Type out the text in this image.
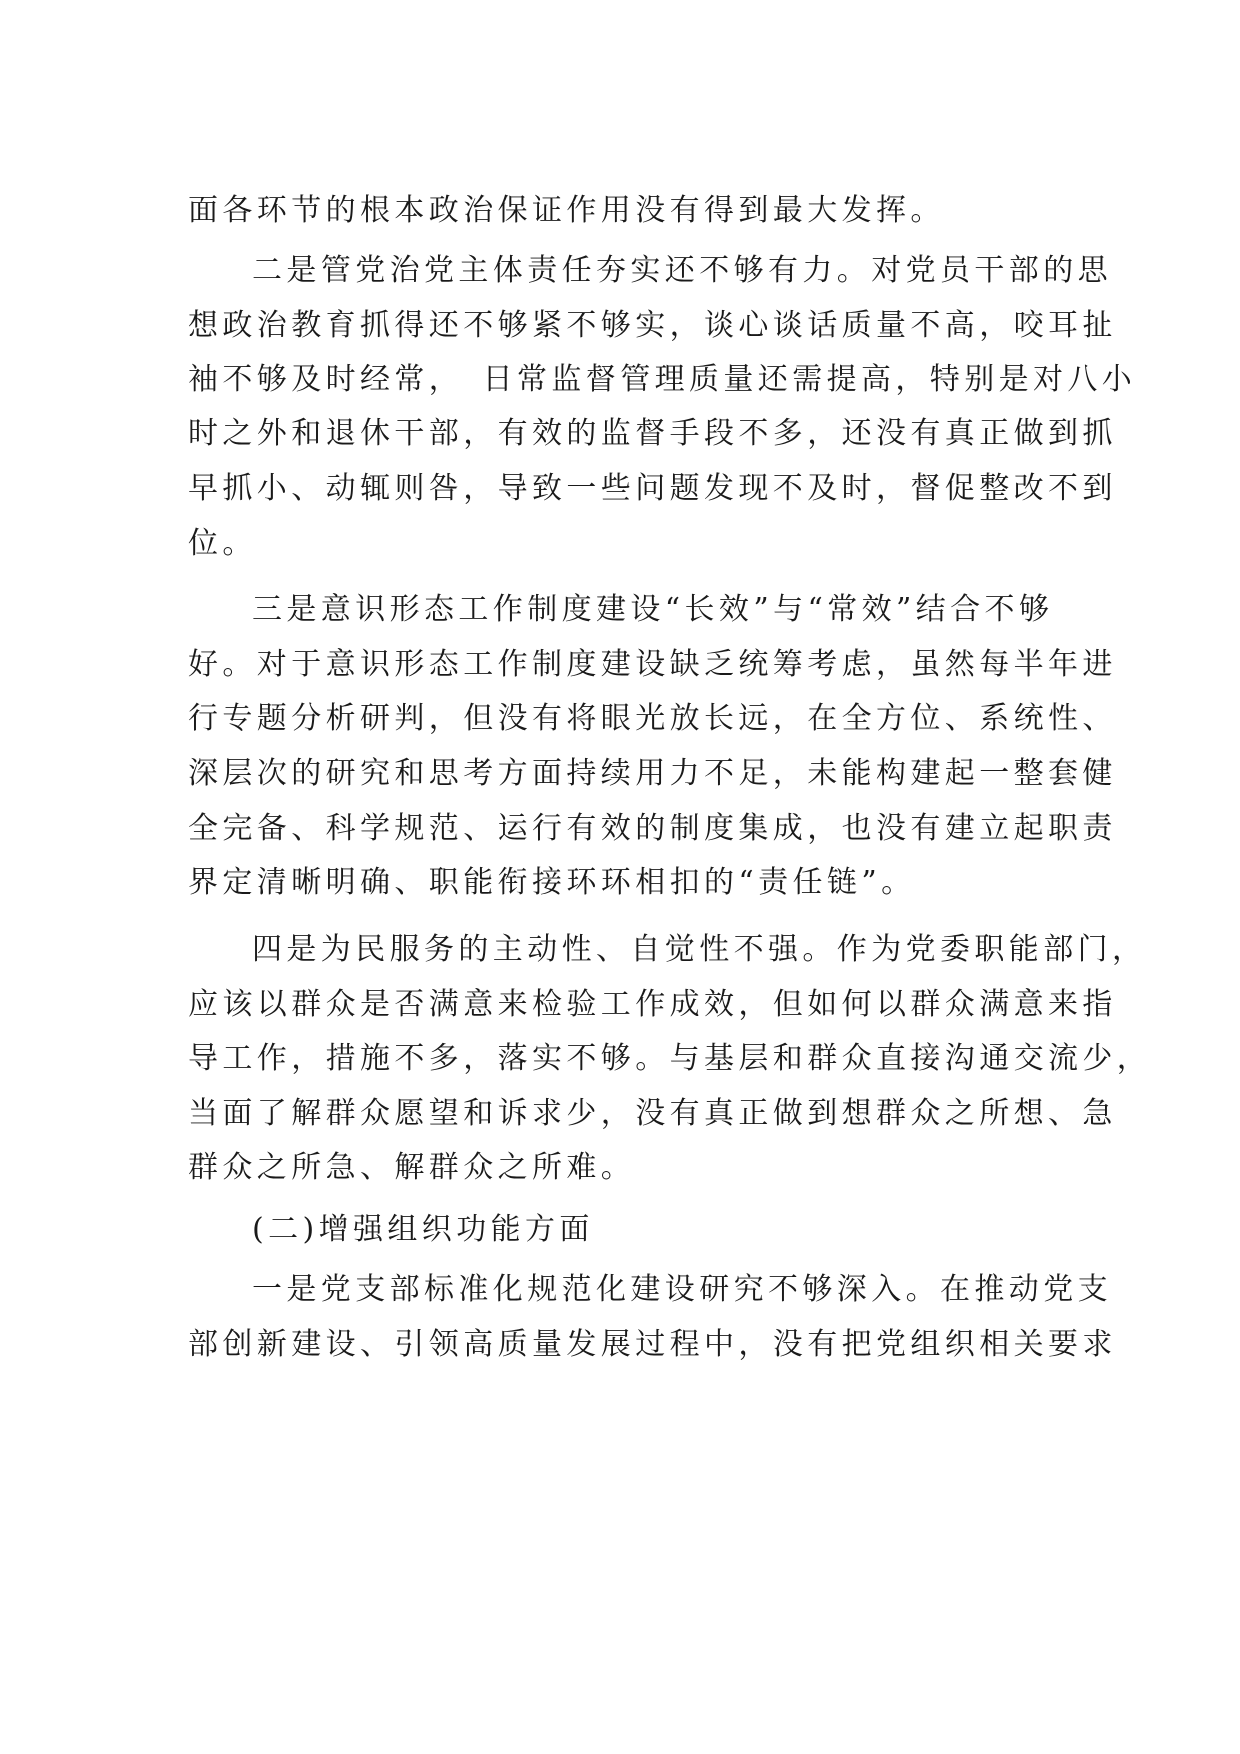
面各环节的根本政治保证作用没有得到最大发挥。
二是管党治党主体责任夯实还不够有力。对党员干部的思
想政治教育抓得还不够紧不够实，谈心谈话质量不高，咬耳扯
袖不够及时经常，　日常监督管理质量还需提高，特别是对八小
时之外和退休干部，有效的监督手段不多，还没有真正做到抓
早抓小、动辄则咎，导致一些问题发现不及时，督促整改不到
位。
三是意识形态工作制度建设“长效”与“常效”结合不够
好。对于意识形态工作制度建设缺乏统筹考虑，虽然每半年进
行专题分析研判，但没有将眼光放长远，在全方位、系统性、
深层次的研究和思考方面持续用力不足，未能构建起一整套健
全完备、科学规范、运行有效的制度集成，也没有建立起职责
界定清晰明确、职能衔接环环相扣的“责任链”。
四是为民服务的主动性、自觉性不强。作为党委职能部门，
应该以群众是否满意来检验工作成效，但如何以群众满意来指
导工作，措施不多，落实不够。与基层和群众直接沟通交流少，
当面了解群众愿望和诉求少，没有真正做到想群众之所想、急
群众之所急、解群众之所难。
(二)增强组织功能方面
一是党支部标准化规范化建设研究不够深入。在推动党支
部创新建设、引领高质量发展过程中，没有把党组织相关要求
